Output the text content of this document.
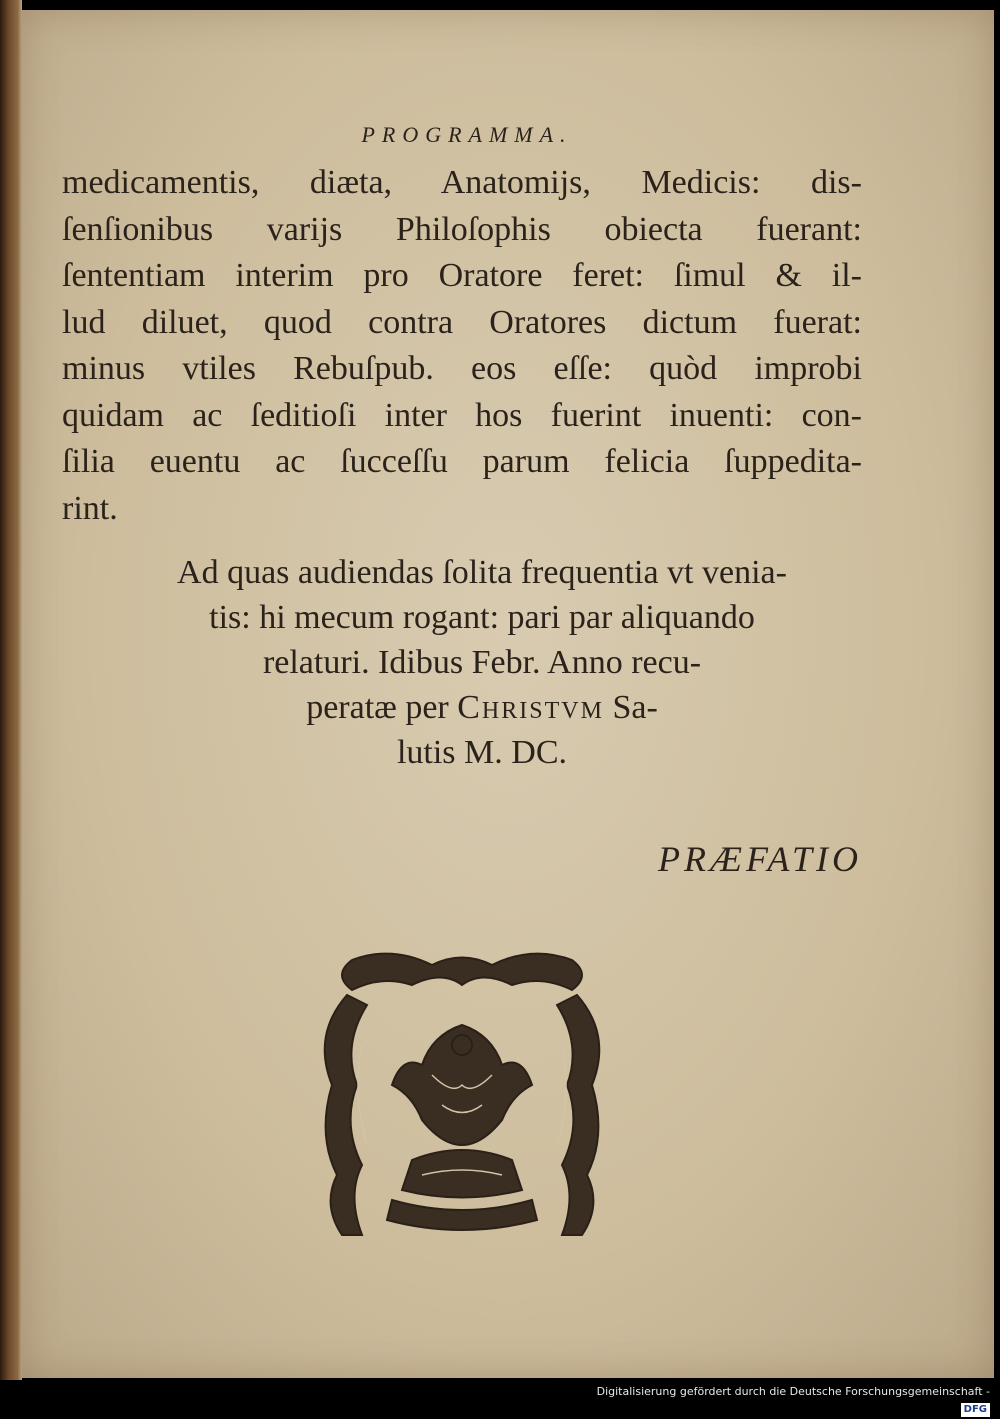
PROGRAMMA.
medicamentis, diæta, Anatomijs, Medicis: dis-
ſenſionibus varijs Philoſophis obiecta fuerant:
ſententiam interim pro Oratore feret: ſimul & il-
lud diluet, quod contra Oratores dictum fuerat:
minus vtiles Rebuſpub. eos eſſe: quòd improbi
quidam ac ſeditioſi inter hos fuerint inuenti: con-
ſilia euentu ac ſucceſſu parum felicia ſuppedita-
rint.
Ad quas audiendas ſolita frequentia vt venia-
tis: hi mecum rogant: pari par aliquando
relaturi. Idibus Febr. Anno recu-
peratæ per Christvm Sa-
lutis M. DC.
PRÆFATIO
Digitalisierung gefördert durch die Deutsche Forschungsgemeinschaft -DFG
